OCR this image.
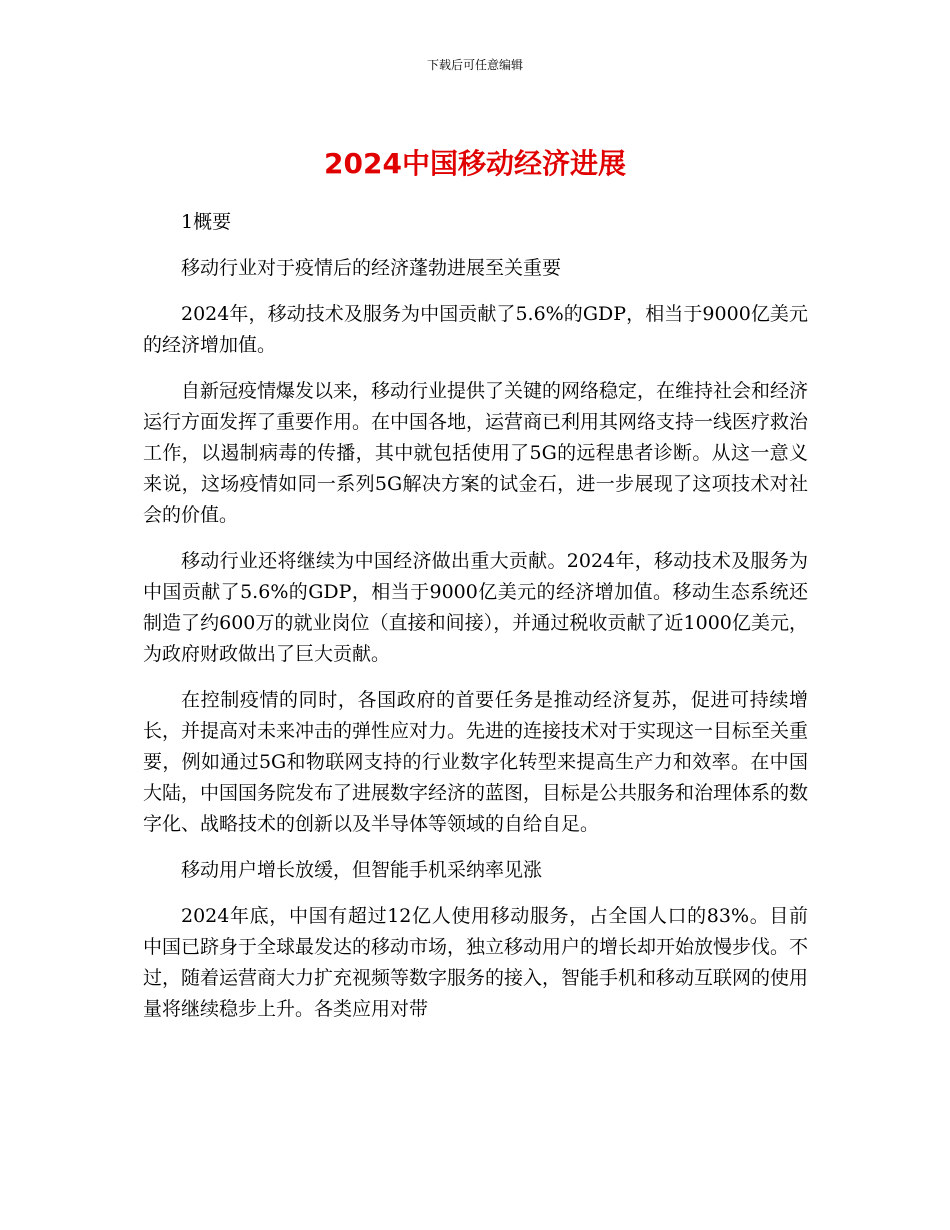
下载后可任意编辑
2024中国移动经济进展

1概要

移动行业对于疫情后的经济蓬勃进展至关重要

2024年，移动技术及服务为中国贡献了5.6%的GDP，相当于9000亿美元的经济增加值。

自新冠疫情爆发以来，移动行业提供了关键的网络稳定，在维持社会和经济运行方面发挥了重要作用。在中国各地，运营商已利用其网络支持一线医疗救治工作，以遏制病毒的传播，其中就包括使用了5G的远程患者诊断。从这一意义来说，这场疫情如同一系列5G解决方案的试金石，进一步展现了这项技术对社会的价值。

移动行业还将继续为中国经济做出重大贡献。2024年，移动技术及服务为中国贡献了5.6%的GDP，相当于9000亿美元的经济增加值。移动生态系统还制造了约600万的就业岗位（直接和间接），并通过税收贡献了近1000亿美元，为政府财政做出了巨大贡献。

在控制疫情的同时，各国政府的首要任务是推动经济复苏，促进可持续增长，并提高对未来冲击的弹性应对力。先进的连接技术对于实现这一目标至关重要，例如通过5G和物联网支持的行业数字化转型来提高生产力和效率。在中国大陆，中国国务院发布了进展数字经济的蓝图，目标是公共服务和治理体系的数字化、战略技术的创新以及半导体等领域的自给自足。

移动用户增长放缓，但智能手机采纳率见涨

2024年底，中国有超过12亿人使用移动服务，占全国人口的83%。目前中国已跻身于全球最发达的移动市场，独立移动用户的增长却开始放慢步伐。不过，随着运营商大力扩充视频等数字服务的接入，智能手机和移动互联网的使用量将继续稳步上升。各类应用对带
